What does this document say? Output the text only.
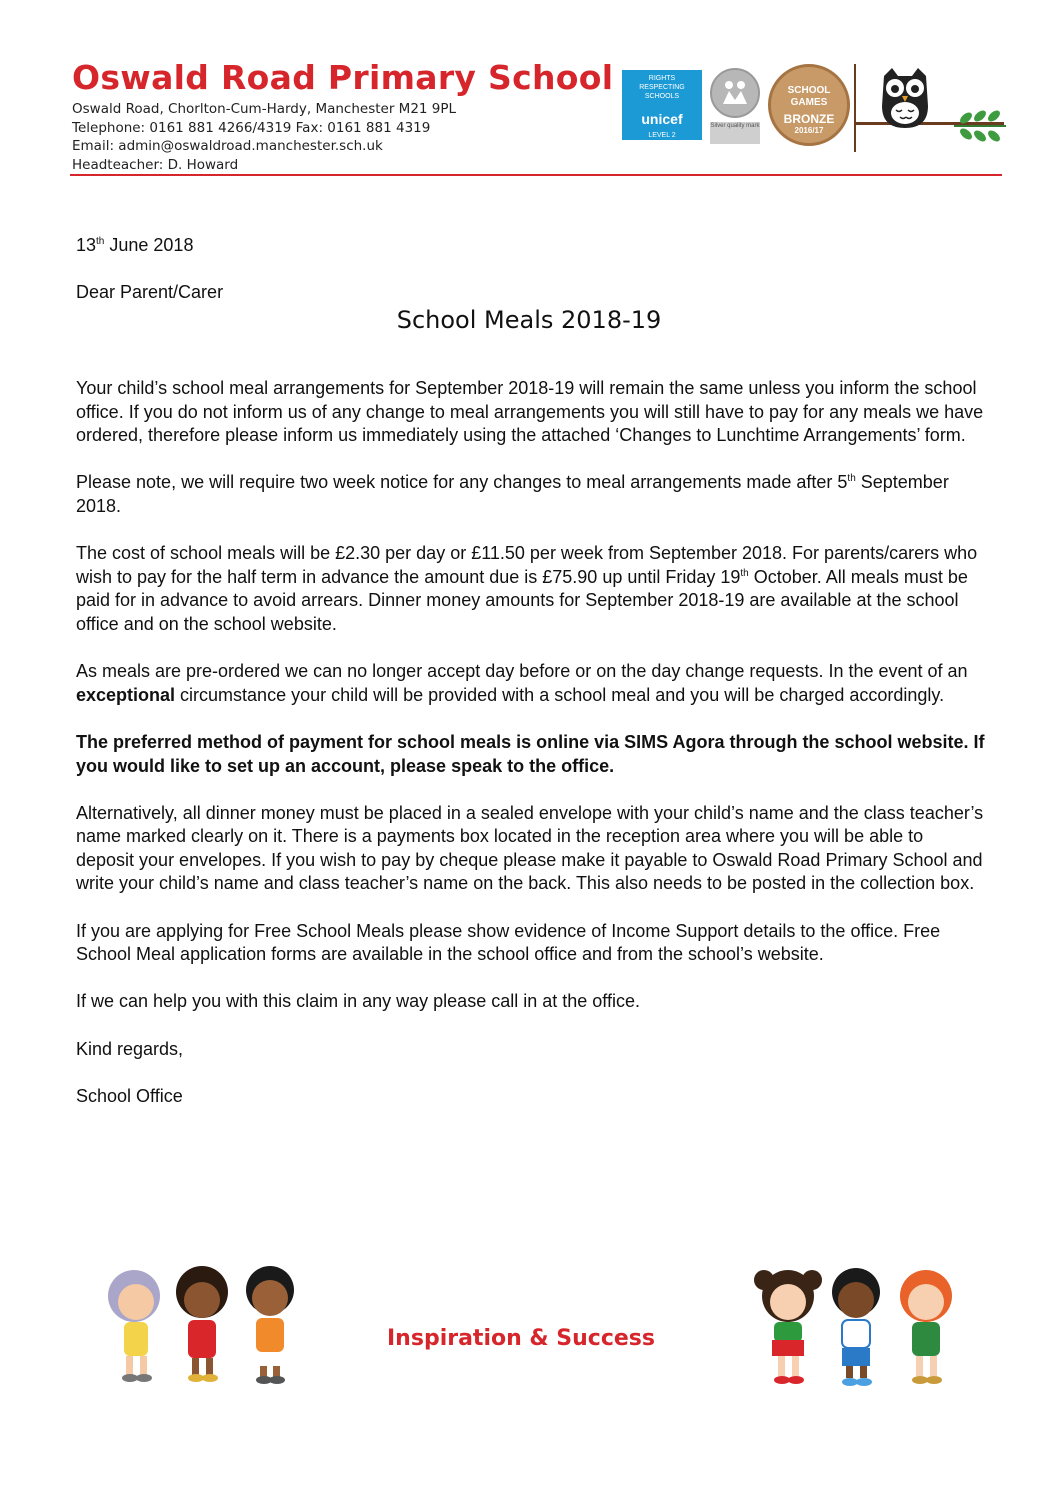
Oswald Road Primary School
Oswald Road, Chorlton-Cum-Hardy, Manchester M21 9PL
Telephone: 0161 881 4266/4319 Fax: 0161 881 4319
Email: admin@oswaldroad.manchester.sch.uk
Headteacher: D. Howard
RIGHTS RESPECTING SCHOOLS
unicef
LEVEL 2
Silver quality mark
SCHOOL GAMES
BRONZE
2016/17
13th June 2018
Dear Parent/Carer
School Meals 2018-19

Your child’s school meal arrangements for September 2018-19 will remain the same unless you inform the school office. If you do not inform us of any change to meal arrangements you will still have to pay for any meals we have ordered, therefore please inform us immediately using the attached ‘Changes to Lunchtime Arrangements’ form.

Please note, we will require two week notice for any changes to meal arrangements made after 5th September 2018.

The cost of school meals will be £2.30 per day or £11.50 per week from September 2018. For parents/carers who wish to pay for the half term in advance the amount due is £75.90 up until Friday 19th October. All meals must be paid for in advance to avoid arrears. Dinner money amounts for September 2018-19 are available at the school office and on the school website.

As meals are pre-ordered we can no longer accept day before or on the day change requests. In the event of an exceptional circumstance your child will be provided with a school meal and you will be charged accordingly.

The preferred method of payment for school meals is online via SIMS Agora through the school website. If you would like to set up an account, please speak to the office.

Alternatively, all dinner money must be placed in a sealed envelope with your child’s name and the class teacher’s name marked clearly on it. There is a payments box located in the reception area where you will be able to deposit your envelopes. If you wish to pay by cheque please make it payable to Oswald Road Primary School and write your child’s name and class teacher’s name on the back. This also needs to be posted in the collection box.

If you are applying for Free School Meals please show evidence of Income Support details to the office. Free School Meal application forms are available in the school office and from the school’s website.

If we can help you with this claim in any way please call in at the office.

Kind regards,

School Office

Inspiration & Success
